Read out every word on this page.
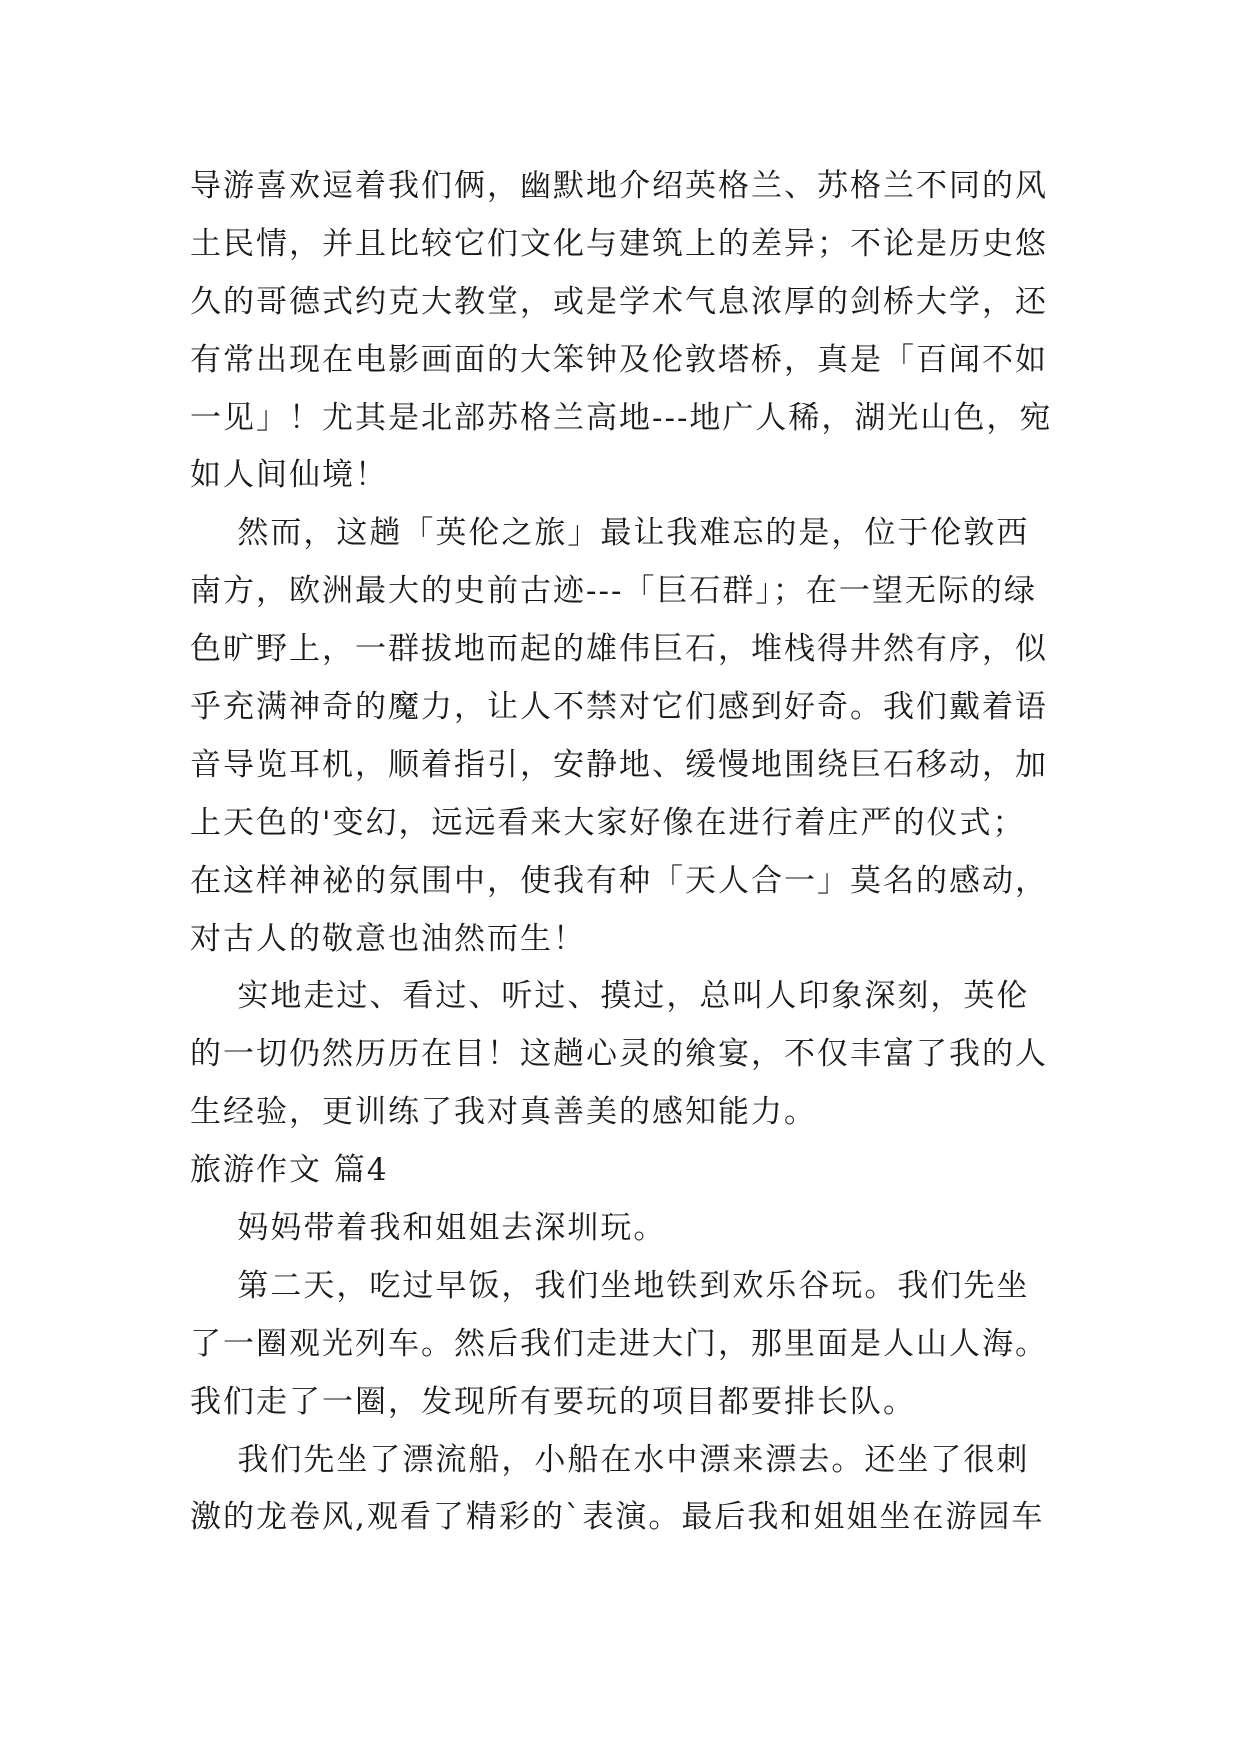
导游喜欢逗着我们俩，幽默地介绍英格兰、苏格兰不同的风
土民情，并且比较它们文化与建筑上的差异；不论是历史悠
久的哥德式约克大教堂，或是学术气息浓厚的剑桥大学，还
有常出现在电影画面的大笨钟及伦敦塔桥，真是「百闻不如
一见」！尤其是北部苏格兰高地---地广人稀，湖光山色，宛
如人间仙境！
然而，这趟「英伦之旅」最让我难忘的是，位于伦敦西
南方，欧洲最大的史前古迹---「巨石群」；在一望无际的绿
色旷野上，一群拔地而起的雄伟巨石，堆栈得井然有序，似
乎充满神奇的魔力，让人不禁对它们感到好奇。我们戴着语
音导览耳机，顺着指引，安静地、缓慢地围绕巨石移动，加
上天色的'变幻，远远看来大家好像在进行着庄严的仪式；
在这样神祕的氛围中，使我有种「天人合一」莫名的感动，
对古人的敬意也油然而生！
实地走过、看过、听过、摸过，总叫人印象深刻，英伦
的一切仍然历历在目！这趟心灵的飨宴，不仅丰富了我的人
生经验，更训练了我对真善美的感知能力。
旅游作文 篇4
妈妈带着我和姐姐去深圳玩。
第二天，吃过早饭，我们坐地铁到欢乐谷玩。我们先坐
了一圈观光列车。然后我们走进大门，那里面是人山人海。
我们走了一圈，发现所有要玩的项目都要排长队。
我们先坐了漂流船，小船在水中漂来漂去。还坐了很刺
激的龙卷风,观看了精彩的`表演。最后我和姐姐坐在游园车
